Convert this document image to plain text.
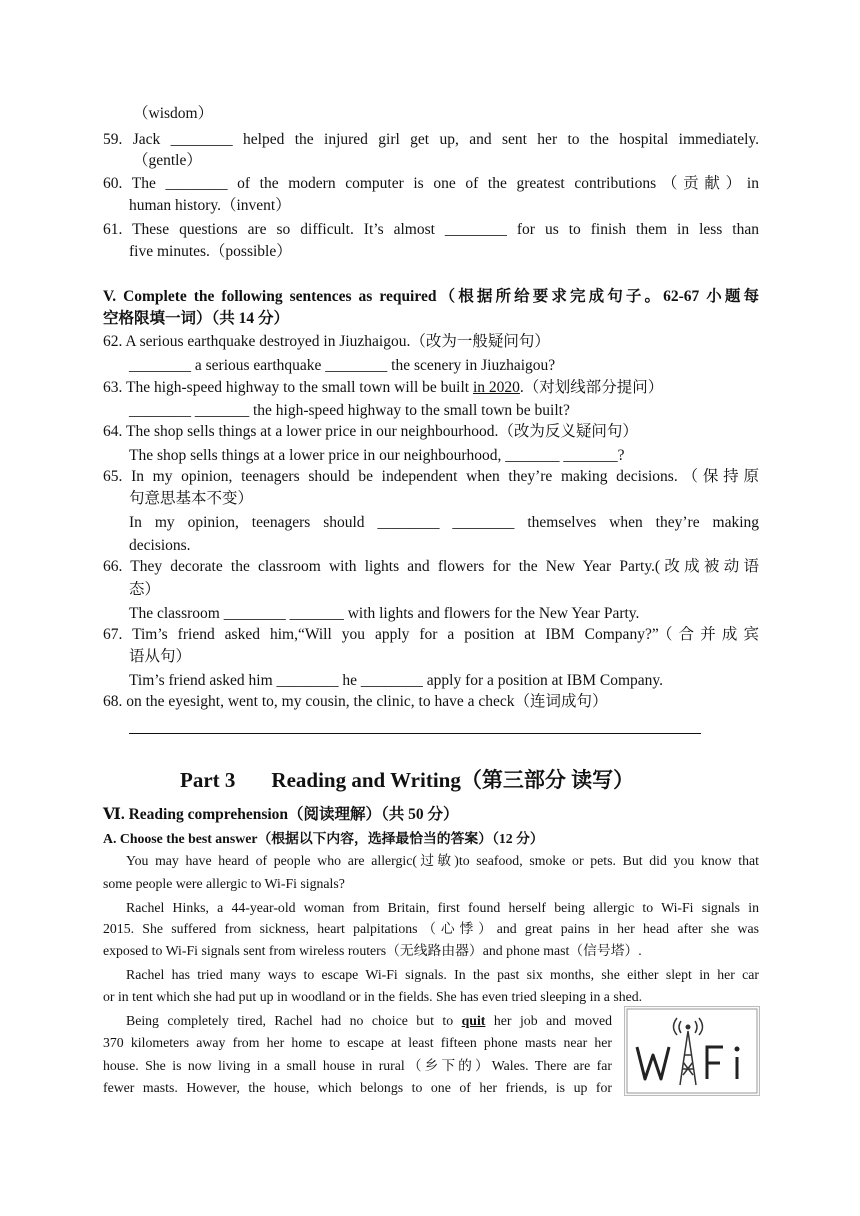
（wisdom）
59. Jack ________ helped the injured girl get up, and sent her to the hospital immediately.
（gentle）
60. The ________ of the modern computer is one of the greatest contributions（贡献）in
human history.（invent）
61. These questions are so difficult. It’s almost ________ for us to finish them in less than
five minutes.（possible）
V. Complete the following sentences as required（根据所给要求完成句子。62-67 小题每
空格限填一词）（共 14 分）
62. A serious earthquake destroyed in Jiuzhaigou.（改为一般疑问句）
________ a serious earthquake ________ the scenery in Jiuzhaigou?
63. The high-speed highway to the small town will be built in 2020.（对划线部分提问）
________ _______ the high-speed highway to the small town be built?
64. The shop sells things at a lower price in our neighbourhood.（改为反义疑问句）
The shop sells things at a lower price in our neighbourhood, _______ _______?
65. In my opinion, teenagers should be independent when they’re making decisions.（保持原
句意思基本不变）
In my opinion, teenagers should ________ ________ themselves when they’re making
decisions.
66. They decorate the classroom with lights and flowers for the New Year Party.(改成被动语
态）
The classroom ________ _______ with lights and flowers for the New Year Party.
67. Tim’s friend asked him,“Will you apply for a position at IBM Company?”（合并成宾
语从句）
Tim’s friend asked him ________ he ________ apply for a position at IBM Company.
68. on the eyesight, went to, my cousin, the clinic, to have a check（连词成句）
Part 3 Reading and Writing（第三部分 读写）
Ⅵ. Reading comprehension（阅读理解）（共 50 分）
A. Choose the best answer（根据以下内容，选择最恰当的答案）（12 分）
You may have heard of people who are allergic(过敏)to seafood, smoke or pets. But did you know that
some people were allergic to Wi-Fi signals?
Rachel Hinks, a 44-year-old woman from Britain, first found herself being allergic to Wi-Fi signals in
2015. She suffered from sickness, heart palpitations（心悸）and great pains in her head after she was
exposed to Wi-Fi signals sent from wireless routers（无线路由器）and phone mast（信号塔）.
Rachel has tried many ways to escape Wi-Fi signals. In the past six months, she either slept in her car
or in tent which she had put up in woodland or in the fields. She has even tried sleeping in a shed.
Being completely tired, Rachel had no choice but to quit her job and moved
370 kilometers away from her home to escape at least fifteen phone masts near her
house. She is now living in a small house in rural（乡下的）Wales. There are far
fewer masts. However, the house, which belongs to one of her friends, is up for
